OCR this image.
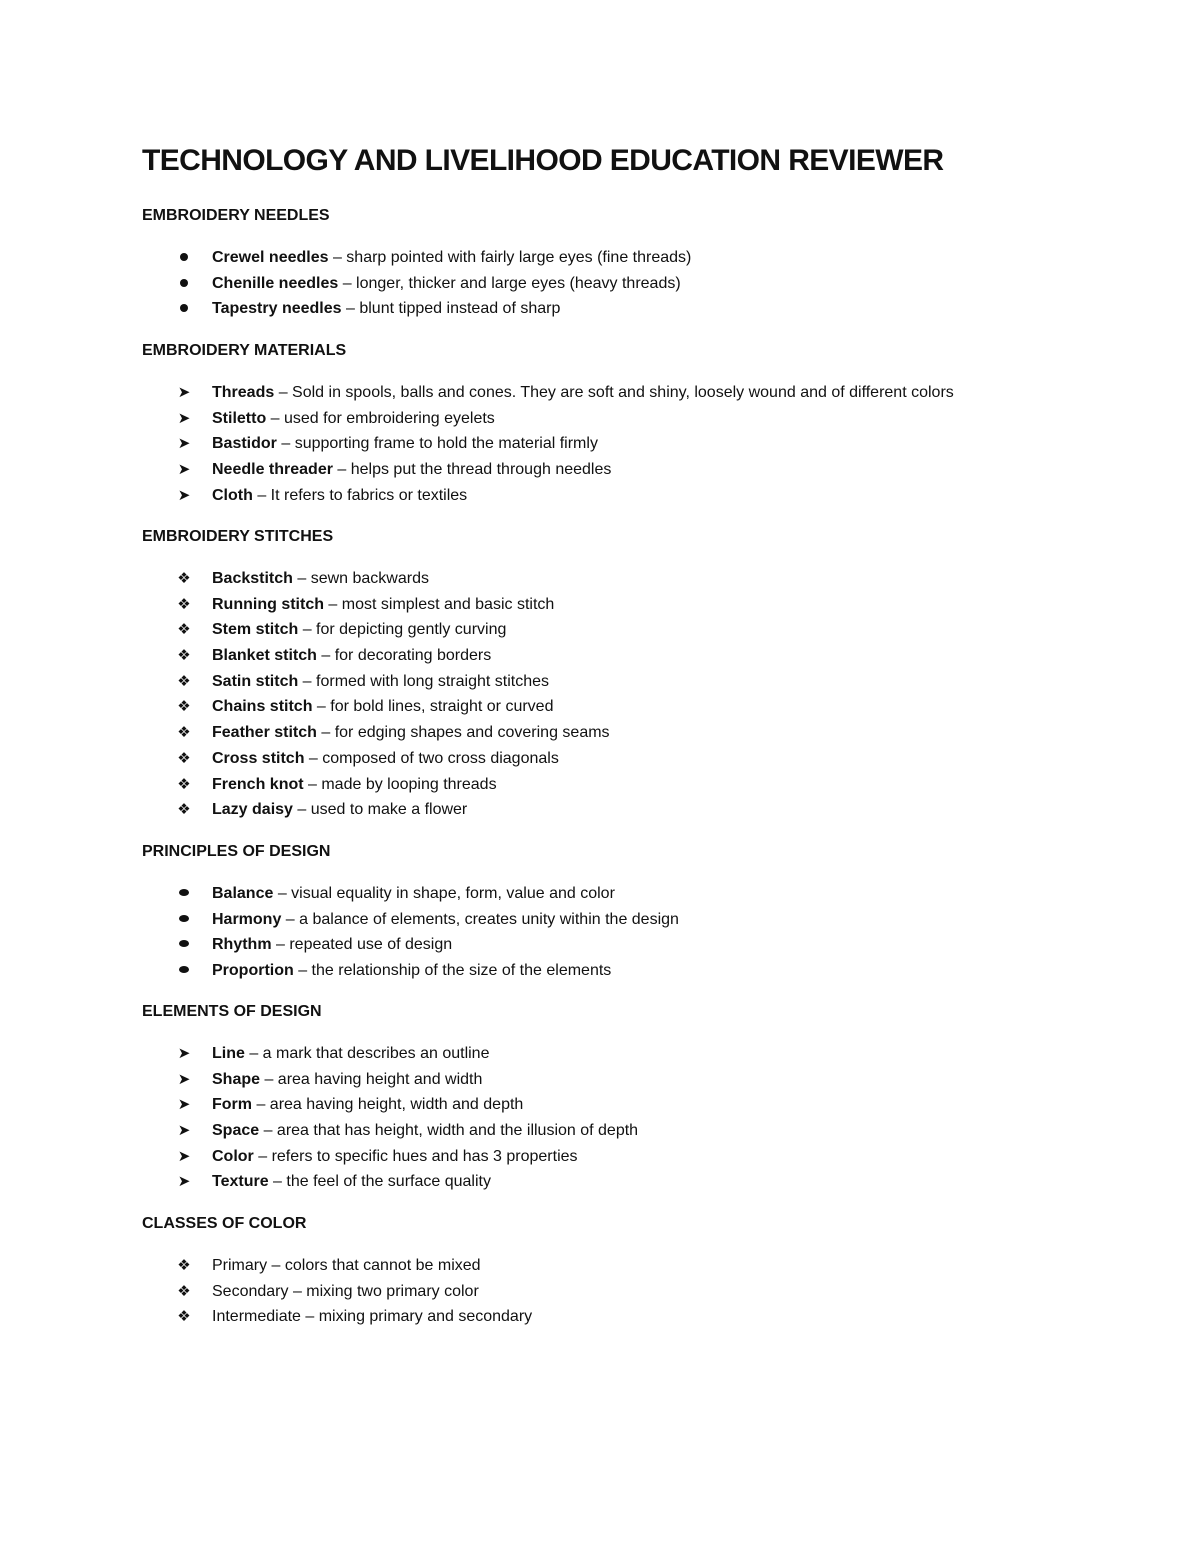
TECHNOLOGY AND LIVELIHOOD EDUCATION REVIEWER
EMBROIDERY NEEDLES
Crewel needles – sharp pointed with fairly large eyes (fine threads)
Chenille needles – longer, thicker and large eyes (heavy threads)
Tapestry needles – blunt tipped instead of sharp
EMBROIDERY MATERIALS
➤ Threads – Sold in spools, balls and cones. They are soft and shiny, loosely wound and of different colors
➤ Stiletto – used for embroidering eyelets
➤ Bastidor – supporting frame to hold the material firmly
➤ Needle threader – helps put the thread through needles
➤ Cloth – It refers to fabrics or textiles
EMBROIDERY STITCHES
❖ Backstitch – sewn backwards
❖ Running stitch – most simplest and basic stitch
❖ Stem stitch – for depicting gently curving
❖ Blanket stitch – for decorating borders
❖ Satin stitch – formed with long straight stitches
❖ Chains stitch – for bold lines, straight or curved
❖ Feather stitch – for edging shapes and covering seams
❖ Cross stitch – composed of two cross diagonals
❖ French knot – made by looping threads
❖ Lazy daisy – used to make a flower
PRINCIPLES OF DESIGN
Balance – visual equality in shape, form, value and color
Harmony – a balance of elements, creates unity within the design
Rhythm – repeated use of design
Proportion – the relationship of the size of the elements
ELEMENTS OF DESIGN
➤ Line – a mark that describes an outline
➤ Shape – area having height and width
➤ Form – area having height, width and depth
➤ Space – area that has height, width and the illusion of depth
➤ Color – refers to specific hues and has 3 properties
➤ Texture – the feel of the surface quality
CLASSES OF COLOR
❖ Primary – colors that cannot be mixed
❖ Secondary – mixing two primary color
❖ Intermediate – mixing primary and secondary
